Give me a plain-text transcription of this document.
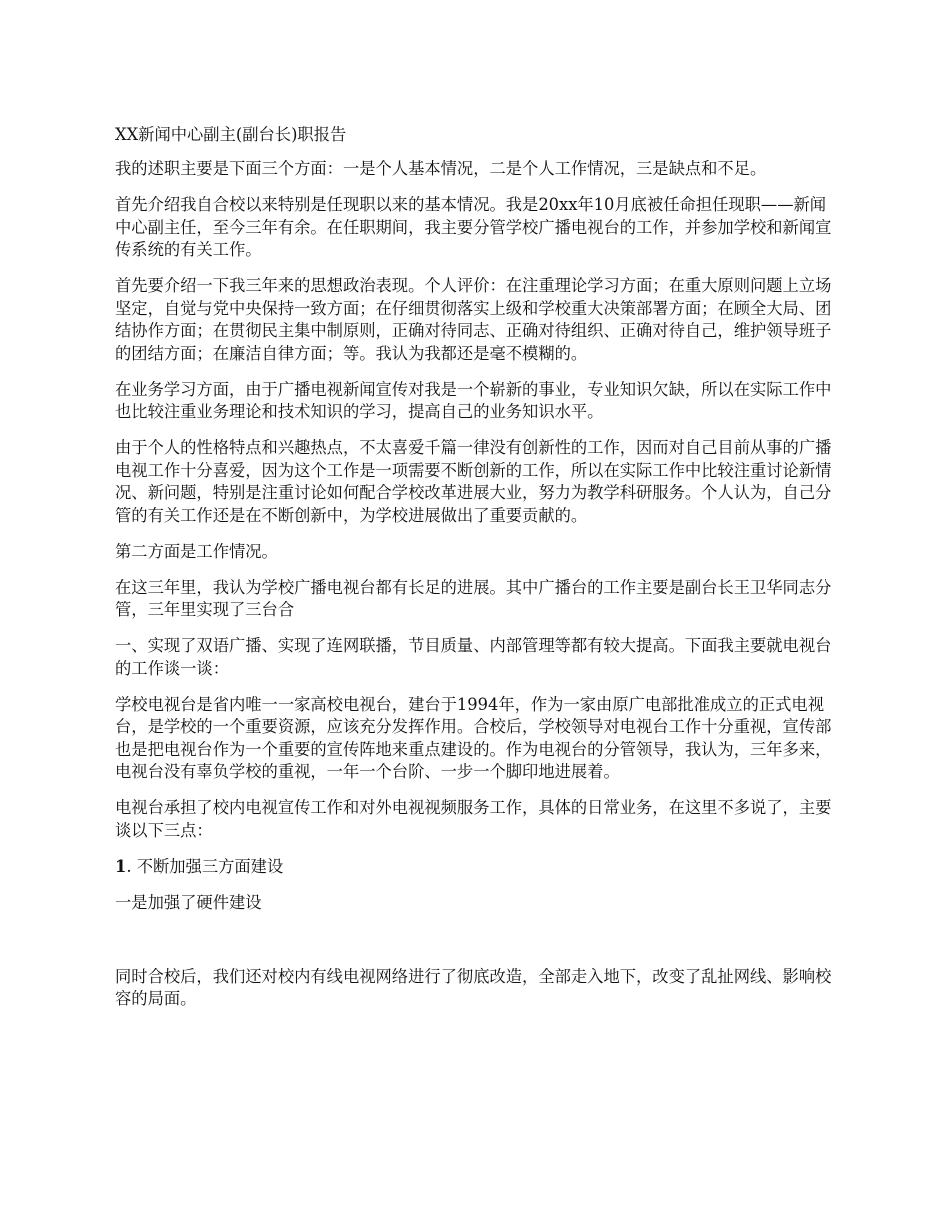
XX新闻中心副主(副台长)职报告

我的述职主要是下面三个方面：一是个人基本情况，二是个人工作情况，三是缺点和不足。

首先介绍我自合校以来特别是任现职以来的基本情况。我是20xx年10月底被任命担任现职——新闻中心副主任，至今三年有余。在任职期间，我主要分管学校广播电视台的工作，并参加学校和新闻宣传系统的有关工作。

首先要介绍一下我三年来的思想政治表现。个人评价：在注重理论学习方面；在重大原则问题上立场坚定，自觉与党中央保持一致方面；在仔细贯彻落实上级和学校重大决策部署方面；在顾全大局、团结协作方面；在贯彻民主集中制原则，正确对待同志、正确对待组织、正确对待自己，维护领导班子的团结方面；在廉洁自律方面；等。我认为我都还是毫不模糊的。

在业务学习方面，由于广播电视新闻宣传对我是一个崭新的事业，专业知识欠缺，所以在实际工作中也比较注重业务理论和技术知识的学习，提高自己的业务知识水平。

由于个人的性格特点和兴趣热点，不太喜爱千篇一律没有创新性的工作，因而对自己目前从事的广播电视工作十分喜爱，因为这个工作是一项需要不断创新的工作，所以在实际工作中比较注重讨论新情况、新问题，特别是注重讨论如何配合学校改革进展大业，努力为教学科研服务。个人认为，自己分管的有关工作还是在不断创新中，为学校进展做出了重要贡献的。

第二方面是工作情况。

在这三年里，我认为学校广播电视台都有长足的进展。其中广播台的工作主要是副台长王卫华同志分管，三年里实现了三台合

一、实现了双语广播、实现了连网联播，节目质量、内部管理等都有较大提高。下面我主要就电视台的工作谈一谈：

学校电视台是省内唯一一家高校电视台，建台于1994年，作为一家由原广电部批准成立的正式电视台，是学校的一个重要资源，应该充分发挥作用。合校后，学校领导对电视台工作十分重视，宣传部也是把电视台作为一个重要的宣传阵地来重点建设的。作为电视台的分管领导，我认为，三年多来，电视台没有辜负学校的重视，一年一个台阶、一步一个脚印地进展着。

电视台承担了校内电视宣传工作和对外电视视频服务工作，具体的日常业务，在这里不多说了，主要谈以下三点：

1. 不断加强三方面建设

一是加强了硬件建设

同时合校后，我们还对校内有线电视网络进行了彻底改造，全部走入地下，改变了乱扯网线、影响校容的局面。
